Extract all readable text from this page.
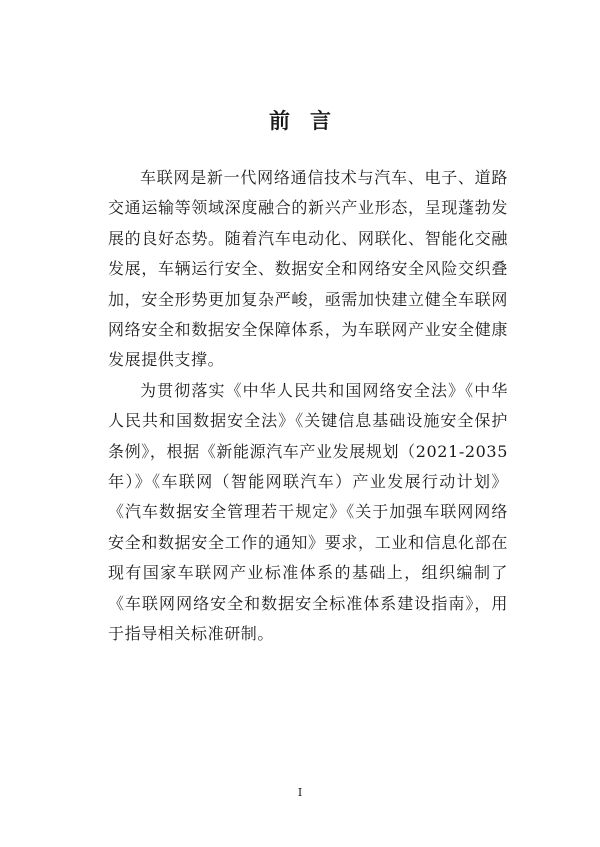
前言

车联网是新一代网络通信技术与汽车、电子、道路交通运输等领域深度融合的新兴产业形态，呈现蓬勃发展的良好态势。随着汽车电动化、网联化、智能化交融发展，车辆运行安全、数据安全和网络安全风险交织叠加，安全形势更加复杂严峻，亟需加快建立健全车联网网络安全和数据安全保障体系，为车联网产业安全健康发展提供支撑。

为贯彻落实《中华人民共和国网络安全法》《中华人民共和国数据安全法》《关键信息基础设施安全保护条例》，根据《新能源汽车产业发展规划（2021-2035年）》《车联网（智能网联汽车）产业发展行动计划》《汽车数据安全管理若干规定》《关于加强车联网网络安全和数据安全工作的通知》要求，工业和信息化部在现有国家车联网产业标准体系的基础上，组织编制了《车联网网络安全和数据安全标准体系建设指南》，用于指导相关标准研制。

I
